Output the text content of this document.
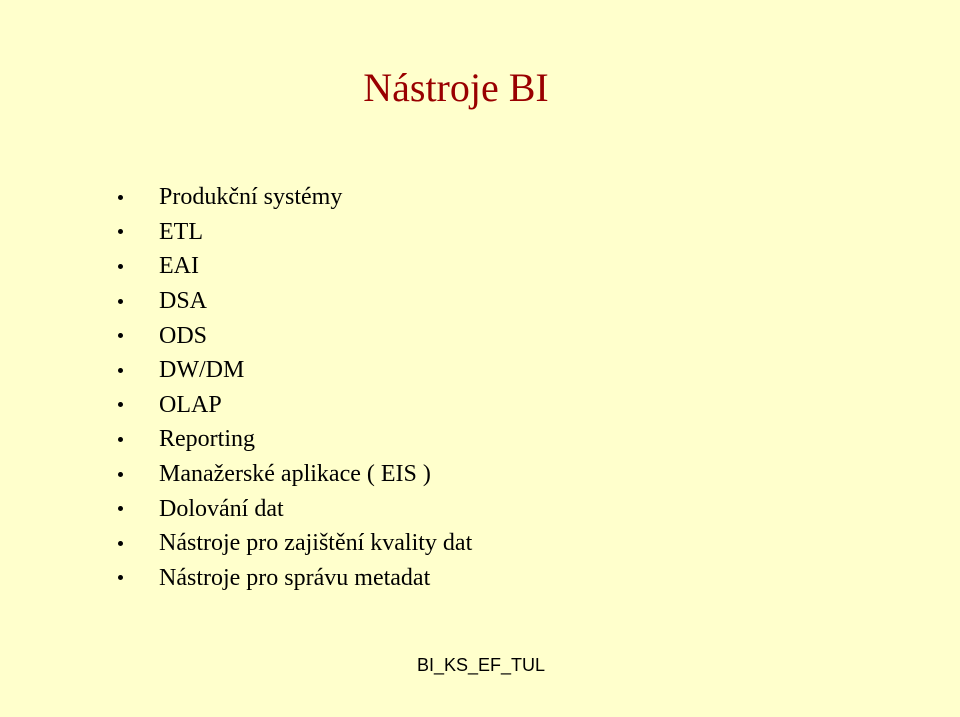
Nástroje BI
Produkční systémy
ETL
EAI
DSA
ODS
DW/DM
OLAP
Reporting
Manažerské aplikace ( EIS )
Dolování dat
Nástroje pro zajištění kvality dat
Nástroje pro správu metadat
BI_KS_EF_TUL
